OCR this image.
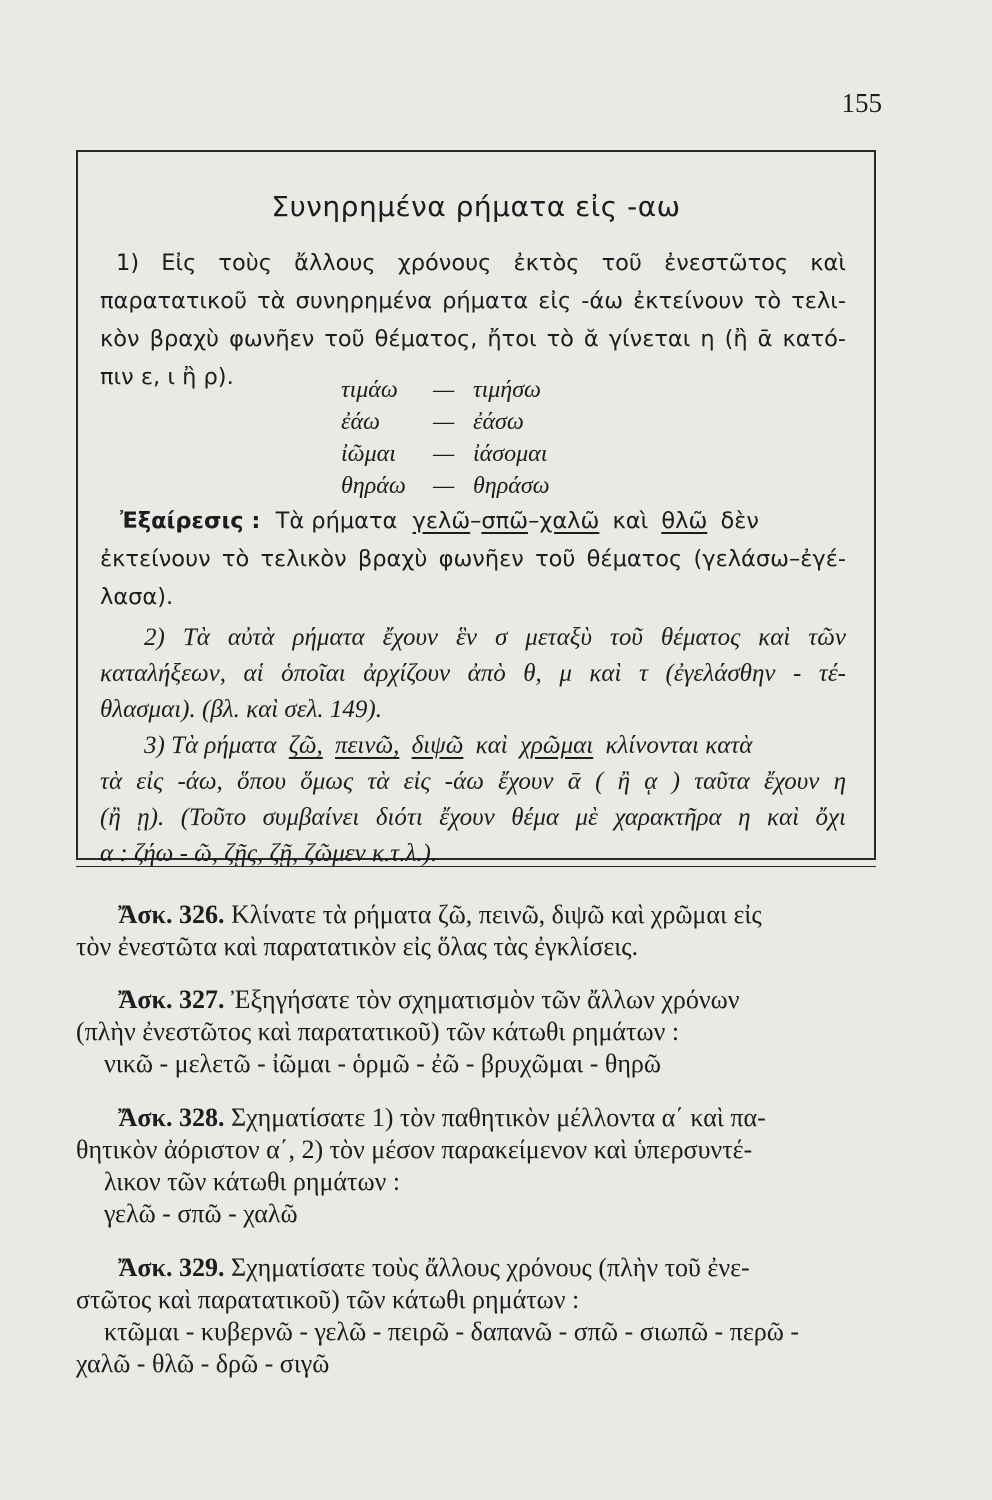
155
Συνηρημένα ρήματα εἰς -αω
1) Εἰς τοὺς ἄλλους χρόνους ἐκτὸς τοῦ ἐνεστῶτος καὶ
παρατατικοῦ τὰ συνηρημένα ρήματα εἰς -άω ἐκτείνουν τὸ τελι-
κὸν βραχὺ φωνῆεν τοῦ θέματος, ἤτοι τὸ ᾰ γίνεται η (ἢ ᾱ κατό-
πιν ε, ι ἢ ρ).	τιμάω — τιμήσω
ἐάω — ἐάσω
ἰῶμαι — ἰάσομαι
θηράω — θηράσω
Ἐξαίρεσις : Τὰ ρήματα γελῶ–σπῶ–χαλῶ καὶ θλῶ δὲν
ἐκτείνουν τὸ τελικὸν βραχὺ φωνῆεν τοῦ θέματος (γελάσω–ἐγέ-
λασα).
2) Τὰ αὐτὰ ρήματα ἔχουν ἓν σ μεταξὺ τοῦ θέματος καὶ τῶν
καταλήξεων, αἱ ὁποῖαι ἀρχίζουν ἀπὸ θ, μ καὶ τ (ἐγελάσθην - τέ-
θλασμαι). (βλ. καὶ σελ. 149).
3) Τὰ ρήματα ζῶ, πεινῶ, διψῶ καὶ χρῶμαι κλίνονται κατὰ
τὰ εἰς -άω, ὅπου ὅμως τὰ εἰς -άω ἔχουν ᾱ ( ἢ ᾳ ) ταῦτα ἔχουν η
(ἢ ῃ). (Τοῦτο συμβαίνει διότι ἔχουν θέμα μὲ χαρακτῆρα η καὶ ὄχι
α : ζήω - ῶ, ζῇς, ζῇ, ζῶμεν κ.τ.λ.).
Ἄσκ. 326. Κλίνατε τὰ ρήματα ζῶ, πεινῶ, διψῶ καὶ χρῶμαι εἰς
τὸν ἐνεστῶτα καὶ παρατατικὸν εἰς ὅλας τὰς ἐγκλίσεις.
Ἄσκ. 327. Ἐξηγήσατε τὸν σχηματισμὸν τῶν ἄλλων χρόνων
(πλὴν ἐνεστῶτος καὶ παρατατικοῦ) τῶν κάτωθι ρημάτων :
νικῶ - μελετῶ - ἰῶμαι - ὁρμῶ - ἐῶ - βρυχῶμαι - θηρῶ
Ἄσκ. 328. Σχηματίσατε 1) τὸν παθητικὸν μέλλοντα α΄ καὶ πα-
θητικὸν ἀόριστον α΄, 2) τὸν μέσον παρακείμενον καὶ ὑπερσυντέ-
λικον τῶν κάτωθι ρημάτων :
γελῶ - σπῶ - χαλῶ
Ἄσκ. 329. Σχηματίσατε τοὺς ἄλλους χρόνους (πλὴν τοῦ ἐνε-
στῶτος καὶ παρατατικοῦ) τῶν κάτωθι ρημάτων :
κτῶμαι - κυβερνῶ - γελῶ - πειρῶ - δαπανῶ - σπῶ - σιωπῶ - περῶ -
χαλῶ - θλῶ - δρῶ - σιγῶ
